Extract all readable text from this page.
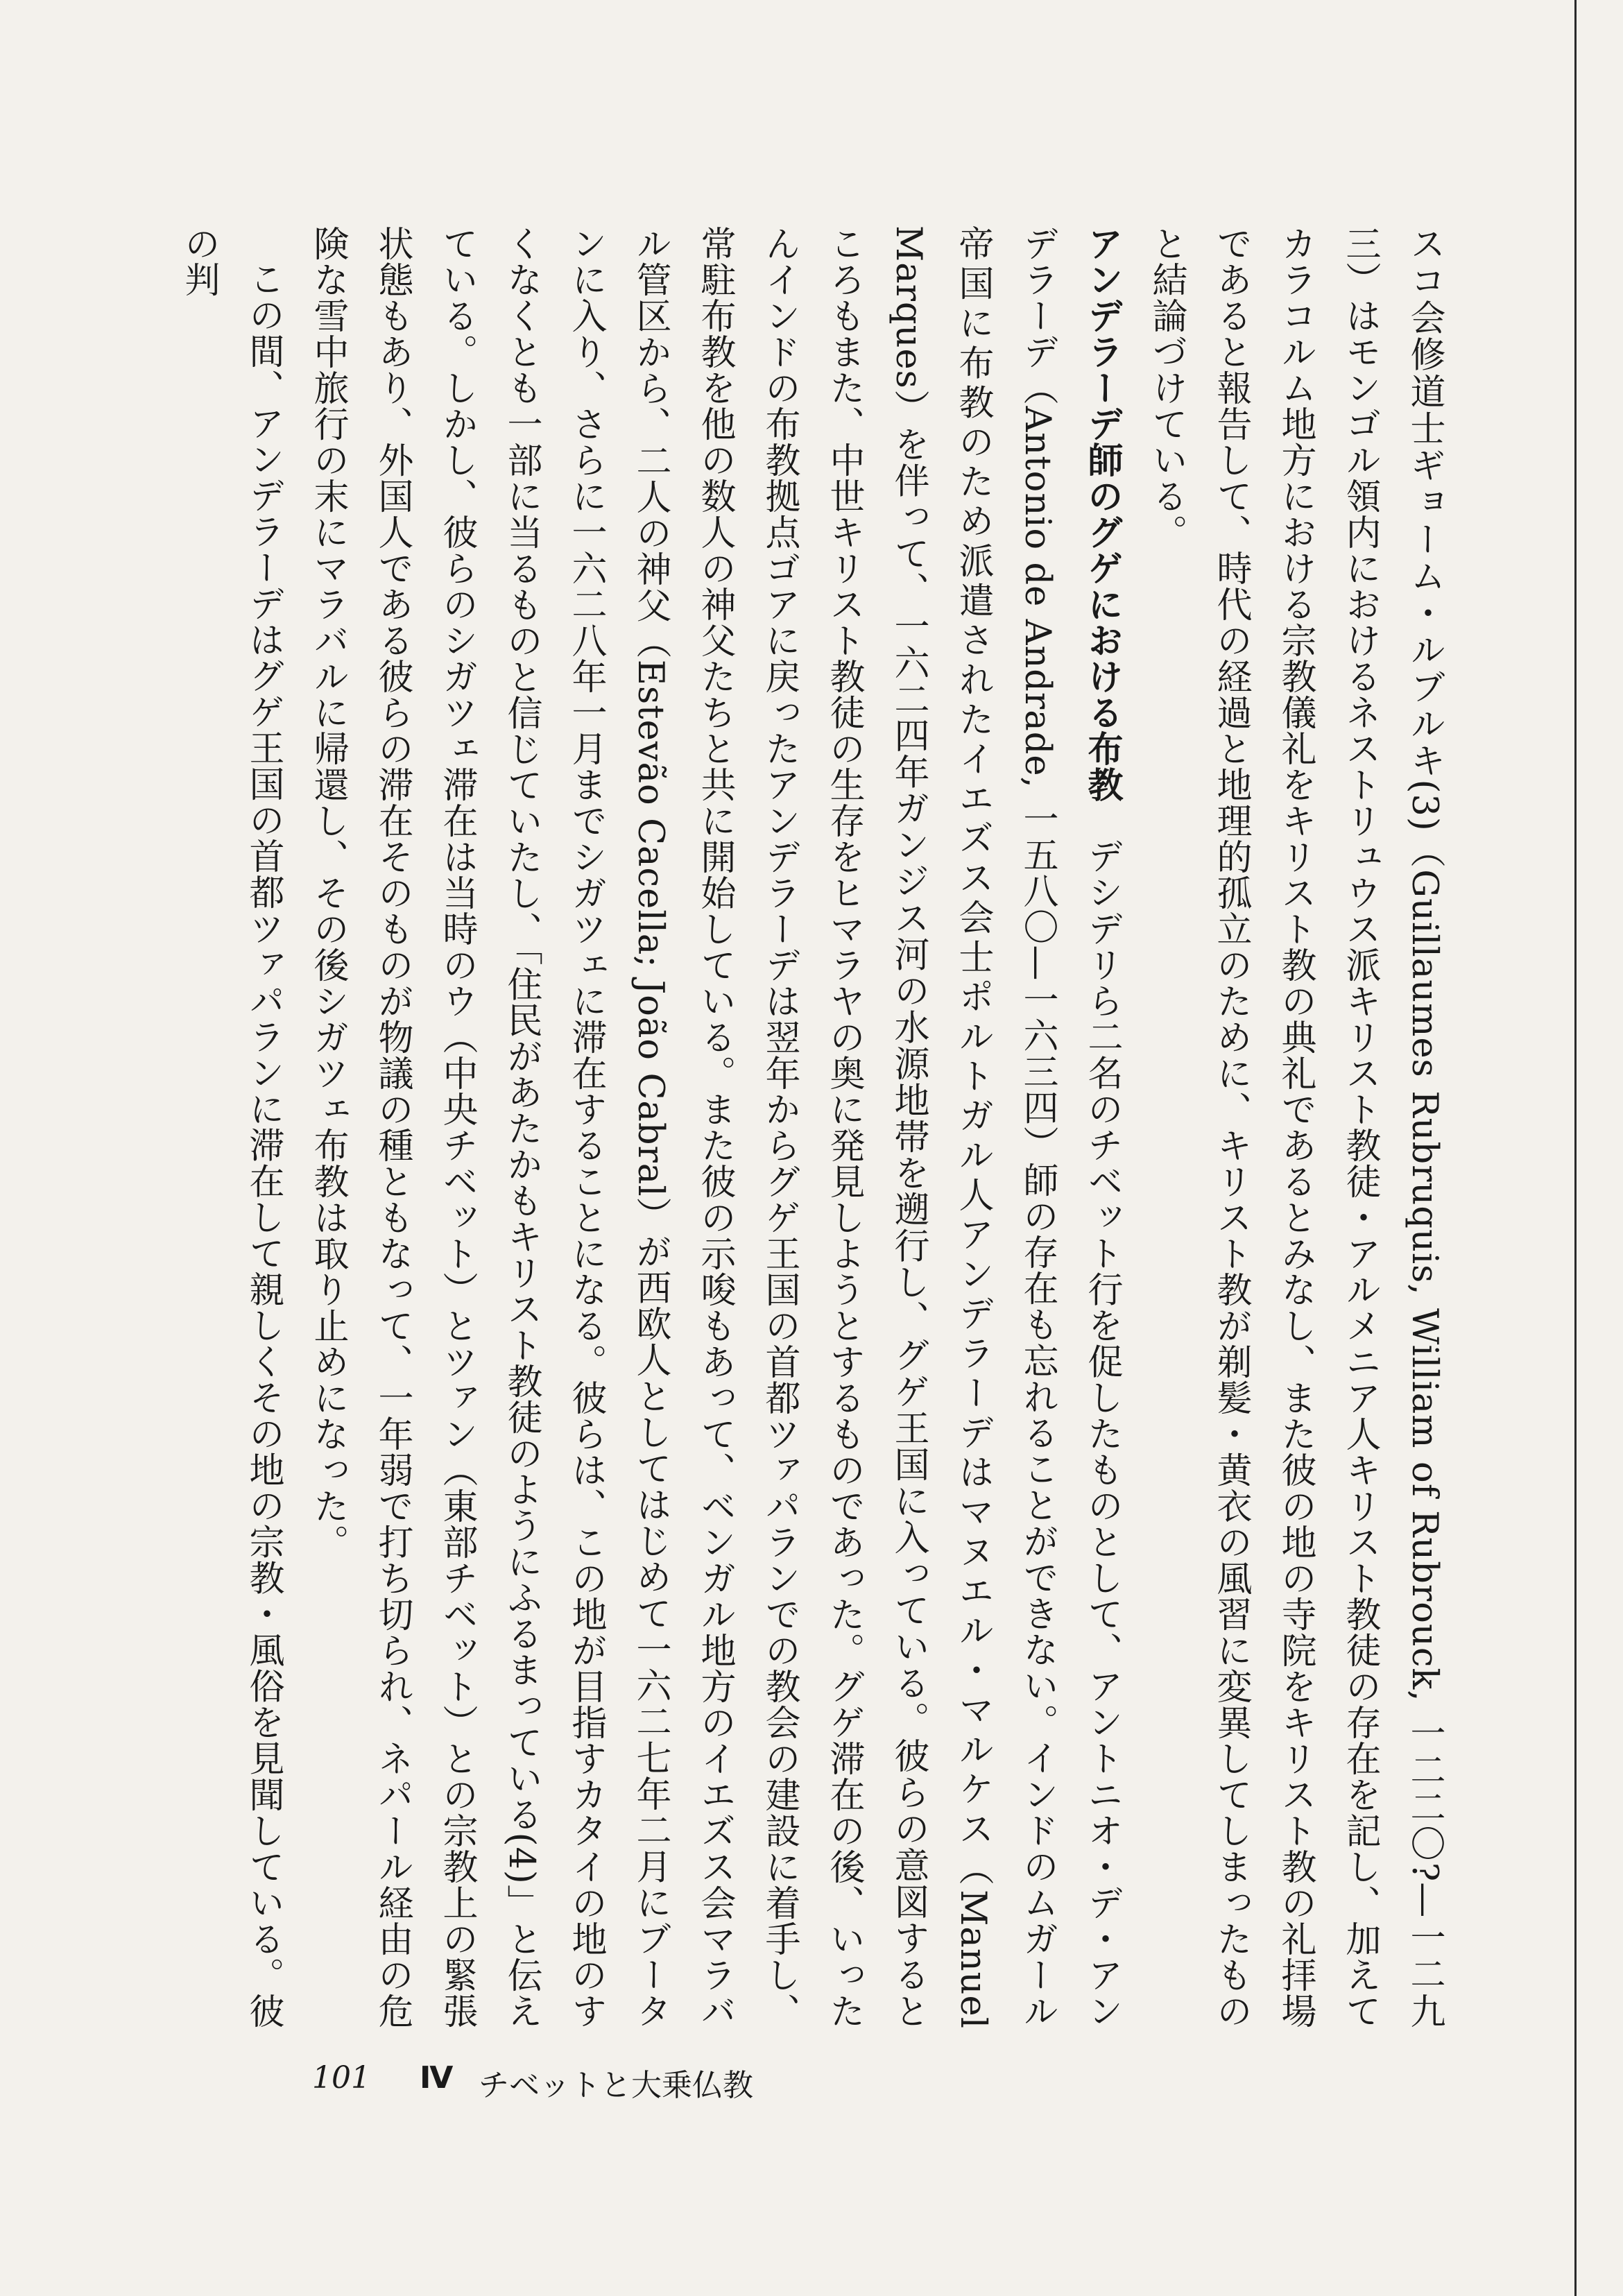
スコ会修道士ギョーム・ルブルキ(3)（Guillaumes Rubruquis, William of Rubrouck, 一二二〇?—一二九三）はモンゴル領内におけるネストリュウス派キリスト教徒・アルメニア人キリスト教徒の存在を記し、加えてカラコルム地方における宗教儀礼をキリスト教の典礼であるとみなし、また彼の地の寺院をキリスト教の礼拝場であると報告して、時代の経過と地理的孤立のために、キリスト教が剃髪・黄衣の風習に変異してしまったものと結論づけている。

アンデラーデ師のグゲにおける布教デシデリら二名のチベット行を促したものとして、アントニオ・デ・アンデラーデ（Antonio de Andrade, 一五八〇—一六三四）師の存在も忘れることができない。インドのムガール帝国に布教のため派遣されたイエズス会士ポルトガル人アンデラーデはマヌエル・マルケス（Manuel Marques）を伴って、一六二四年ガンジス河の水源地帯を遡行し、グゲ王国に入っている。彼らの意図するところもまた、中世キリスト教徒の生存をヒマラヤの奥に発見しようとするものであった。グゲ滞在の後、いったんインドの布教拠点ゴアに戻ったアンデラーデは翌年からグゲ王国の首都ツァパランでの教会の建設に着手し、常駐布教を他の数人の神父たちと共に開始している。また彼の示唆もあって、ベンガル地方のイエズス会マラバル管区から、二人の神父（Estevão Cacella; João Cabral）が西欧人としてはじめて一六二七年二月にブータンに入り、さらに一六二八年一月までシガツェに滞在することになる。彼らは、この地が目指すカタイの地のすくなくとも一部に当るものと信じていたし、「住民があたかもキリスト教徒のようにふるまっている(4)」と伝えている。しかし、彼らのシガツェ滞在は当時のウ（中央チベット）とツァン（東部チベット）との宗教上の緊張状態もあり、外国人である彼らの滞在そのものが物議の種ともなって、一年弱で打ち切られ、ネパール経由の危険な雪中旅行の末にマラバルに帰還し、その後シガツェ布教は取り止めになった。

この間、アンデラーデはグゲ王国の首都ツァパランに滞在して親しくその地の宗教・風俗を見聞している。彼の判

101 Ⅳ チベットと大乗仏教
